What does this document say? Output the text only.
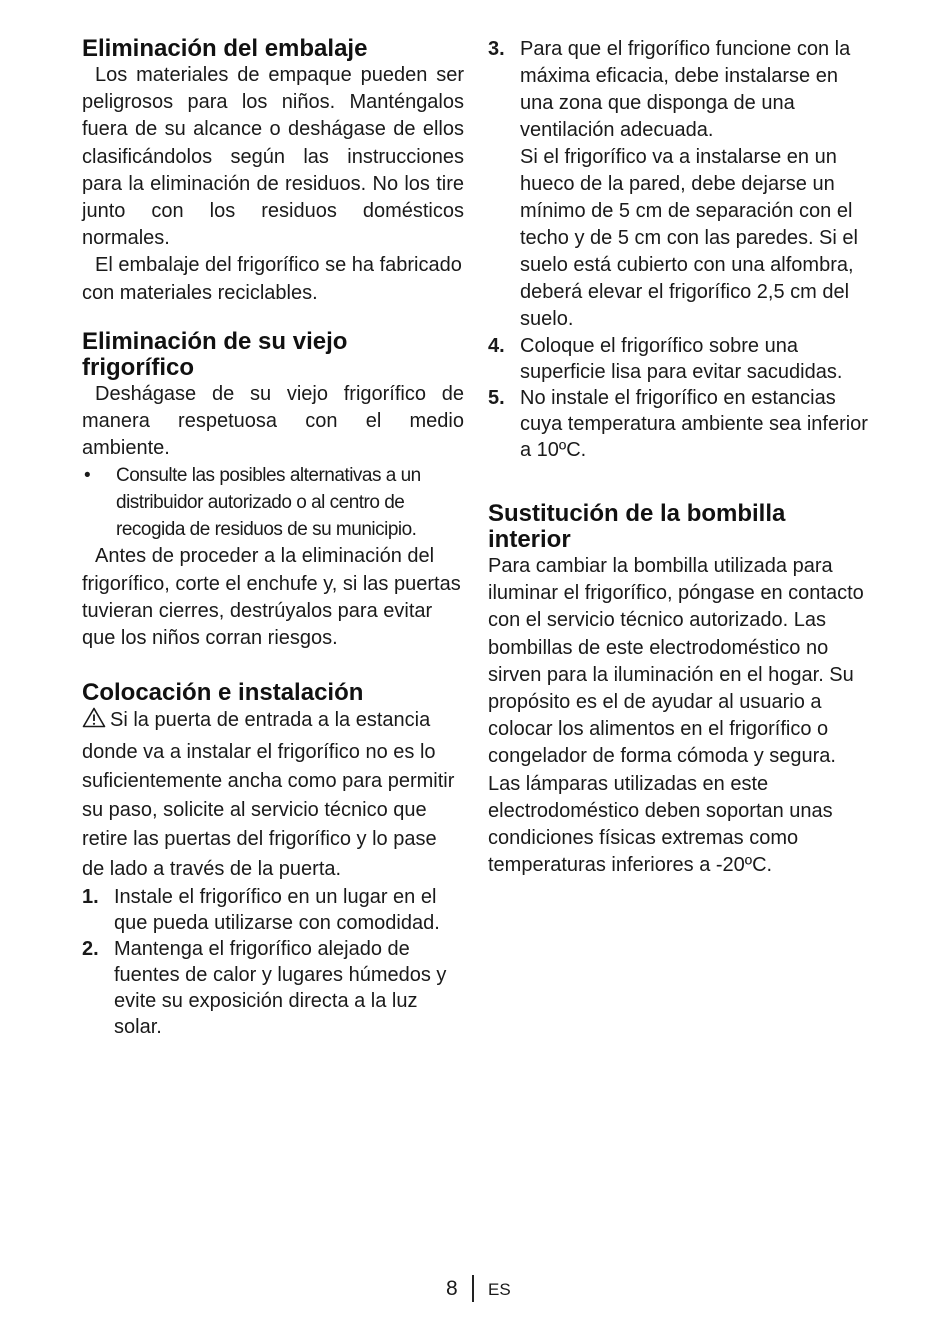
Eliminación del embalaje

Los materiales de empaque pueden ser peligrosos para los niños. Manténgalos fuera de su alcance o deshágase de ellos clasificándolos según las instrucciones para la eliminación de residuos. No los tire junto con los residuos domésticos normales.

El embalaje del frigorífico se ha fabricado con materiales reciclables.

Eliminación de su viejo frigorífico

Deshágase de su viejo frigorífico de manera respetuosa con el medio ambiente.

•	Consulte las posibles alternativas a un distribuidor autorizado o al centro de recogida de residuos de su municipio.

Antes de proceder a la eliminación del frigorífico, corte el enchufe y, si las puertas tuvieran cierres, destrúyalos para evitar que los niños corran riesgos.

Colocación e instalación

Si la puerta de entrada a la estancia donde va a instalar el frigorífico no es lo suficientemente ancha como para permitir su paso, solicite al servicio técnico que retire las puertas del frigorífico y lo pase de lado a través de la puerta.

1. Instale el frigorífico en un lugar en el que pueda utilizarse con comodidad.
2. Mantenga el frigorífico alejado de fuentes de calor y lugares húmedos y evite su exposición directa a la luz solar.
3. Para que el frigorífico funcione con la máxima eficacia, debe instalarse en una zona que disponga de una ventilación adecuada.
Si el frigorífico va a instalarse en un hueco de la pared, debe dejarse un mínimo de 5 cm de separación con el techo y de 5 cm con las paredes. Si el suelo está cubierto con una alfombra, deberá elevar el frigorífico 2,5 cm del suelo.
4. Coloque el frigorífico sobre una superficie lisa para evitar sacudidas.
5. No instale el frigorífico en estancias cuya temperatura ambiente sea inferior a 10ºC.
Sustitución de la bombilla interior

Para cambiar la bombilla utilizada para iluminar el frigorífico, póngase en contacto con el servicio técnico autorizado. Las bombillas de este electrodoméstico no sirven para la iluminación en el hogar. Su propósito es el de ayudar al usuario a colocar los alimentos en el frigorífico o congelador de forma cómoda y segura. Las lámparas utilizadas en este electrodoméstico deben soportan unas condiciones físicas extremas como temperaturas inferiores a -20ºC.

8 ES
